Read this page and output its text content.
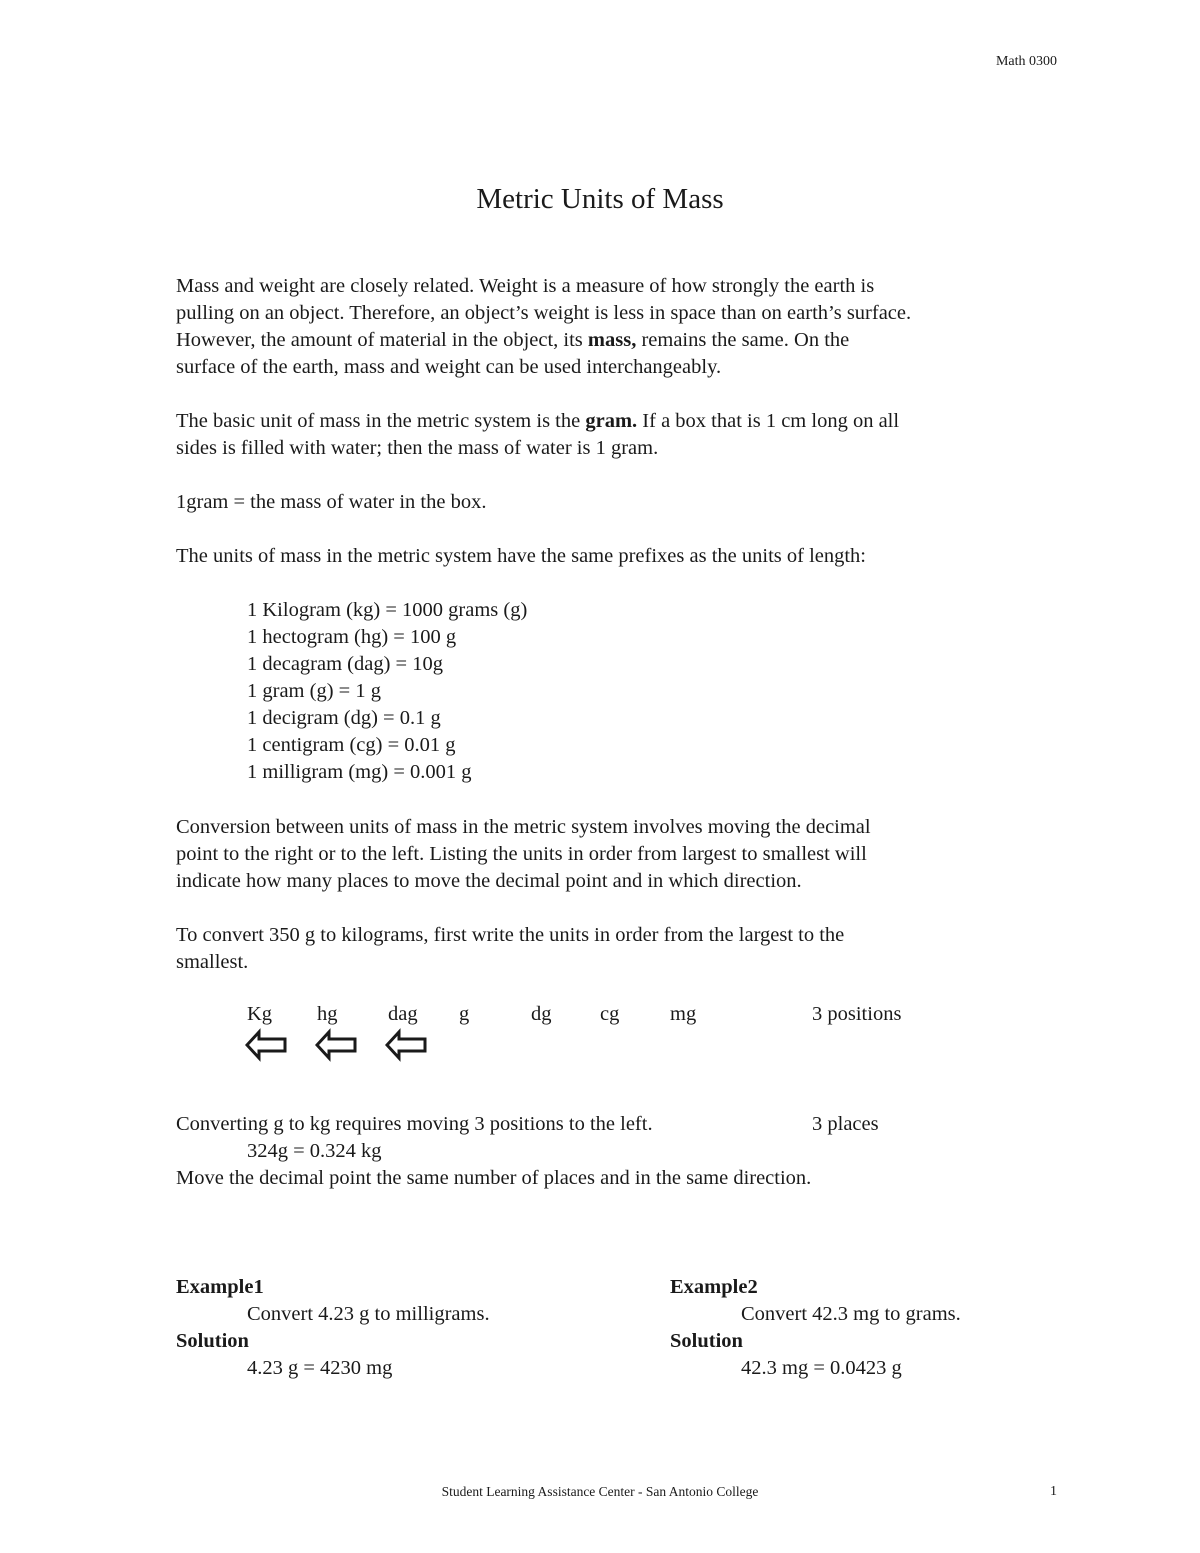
Math 0300
Metric Units of Mass

Mass and weight are closely related. Weight is a measure of how strongly the earth is

pulling on an object. Therefore, an object’s weight is less in space than on earth’s surface.

However, the amount of material in the object, its mass, remains the same. On the

surface of the earth, mass and weight can be used interchangeably.

The basic unit of mass in the metric system is the gram. If a box that is 1 cm long on all

sides is filled with water; then the mass of water is 1 gram.

1gram = the mass of water in the box.
The units of mass in the metric system have the same prefixes as the units of length:
1 Kilogram (kg) = 1000 grams (g)
1 hectogram (hg) = 100 g
1 decagram (dag) = 10g
1 gram (g) = 1 g
1 decigram (dg) = 0.1 g
1 centigram (cg) = 0.01 g
1 milligram (mg) = 0.001 g

Conversion between units of mass in the metric system involves moving the decimal

point to the right or to the left. Listing the units in order from largest to smallest will

indicate how many places to move the decimal point and in which direction.

To convert 350 g to kilograms, first write the units in order from the largest to the

smallest.

Kg hg dag g	dg cg mg	3 positions
Converting g to kg requires moving 3 positions to the left.	3 places
324g = 0.324 kg
Move the decimal point the same number of places and in the same direction.
Example1
Convert 4.23 g to milligrams.
Solution
4.23 g = 4230 mg
Example2
Convert 42.3 mg to grams.
Solution
42.3 mg = 0.0423 g
Student Learning Assistance Center - San Antonio College	1
